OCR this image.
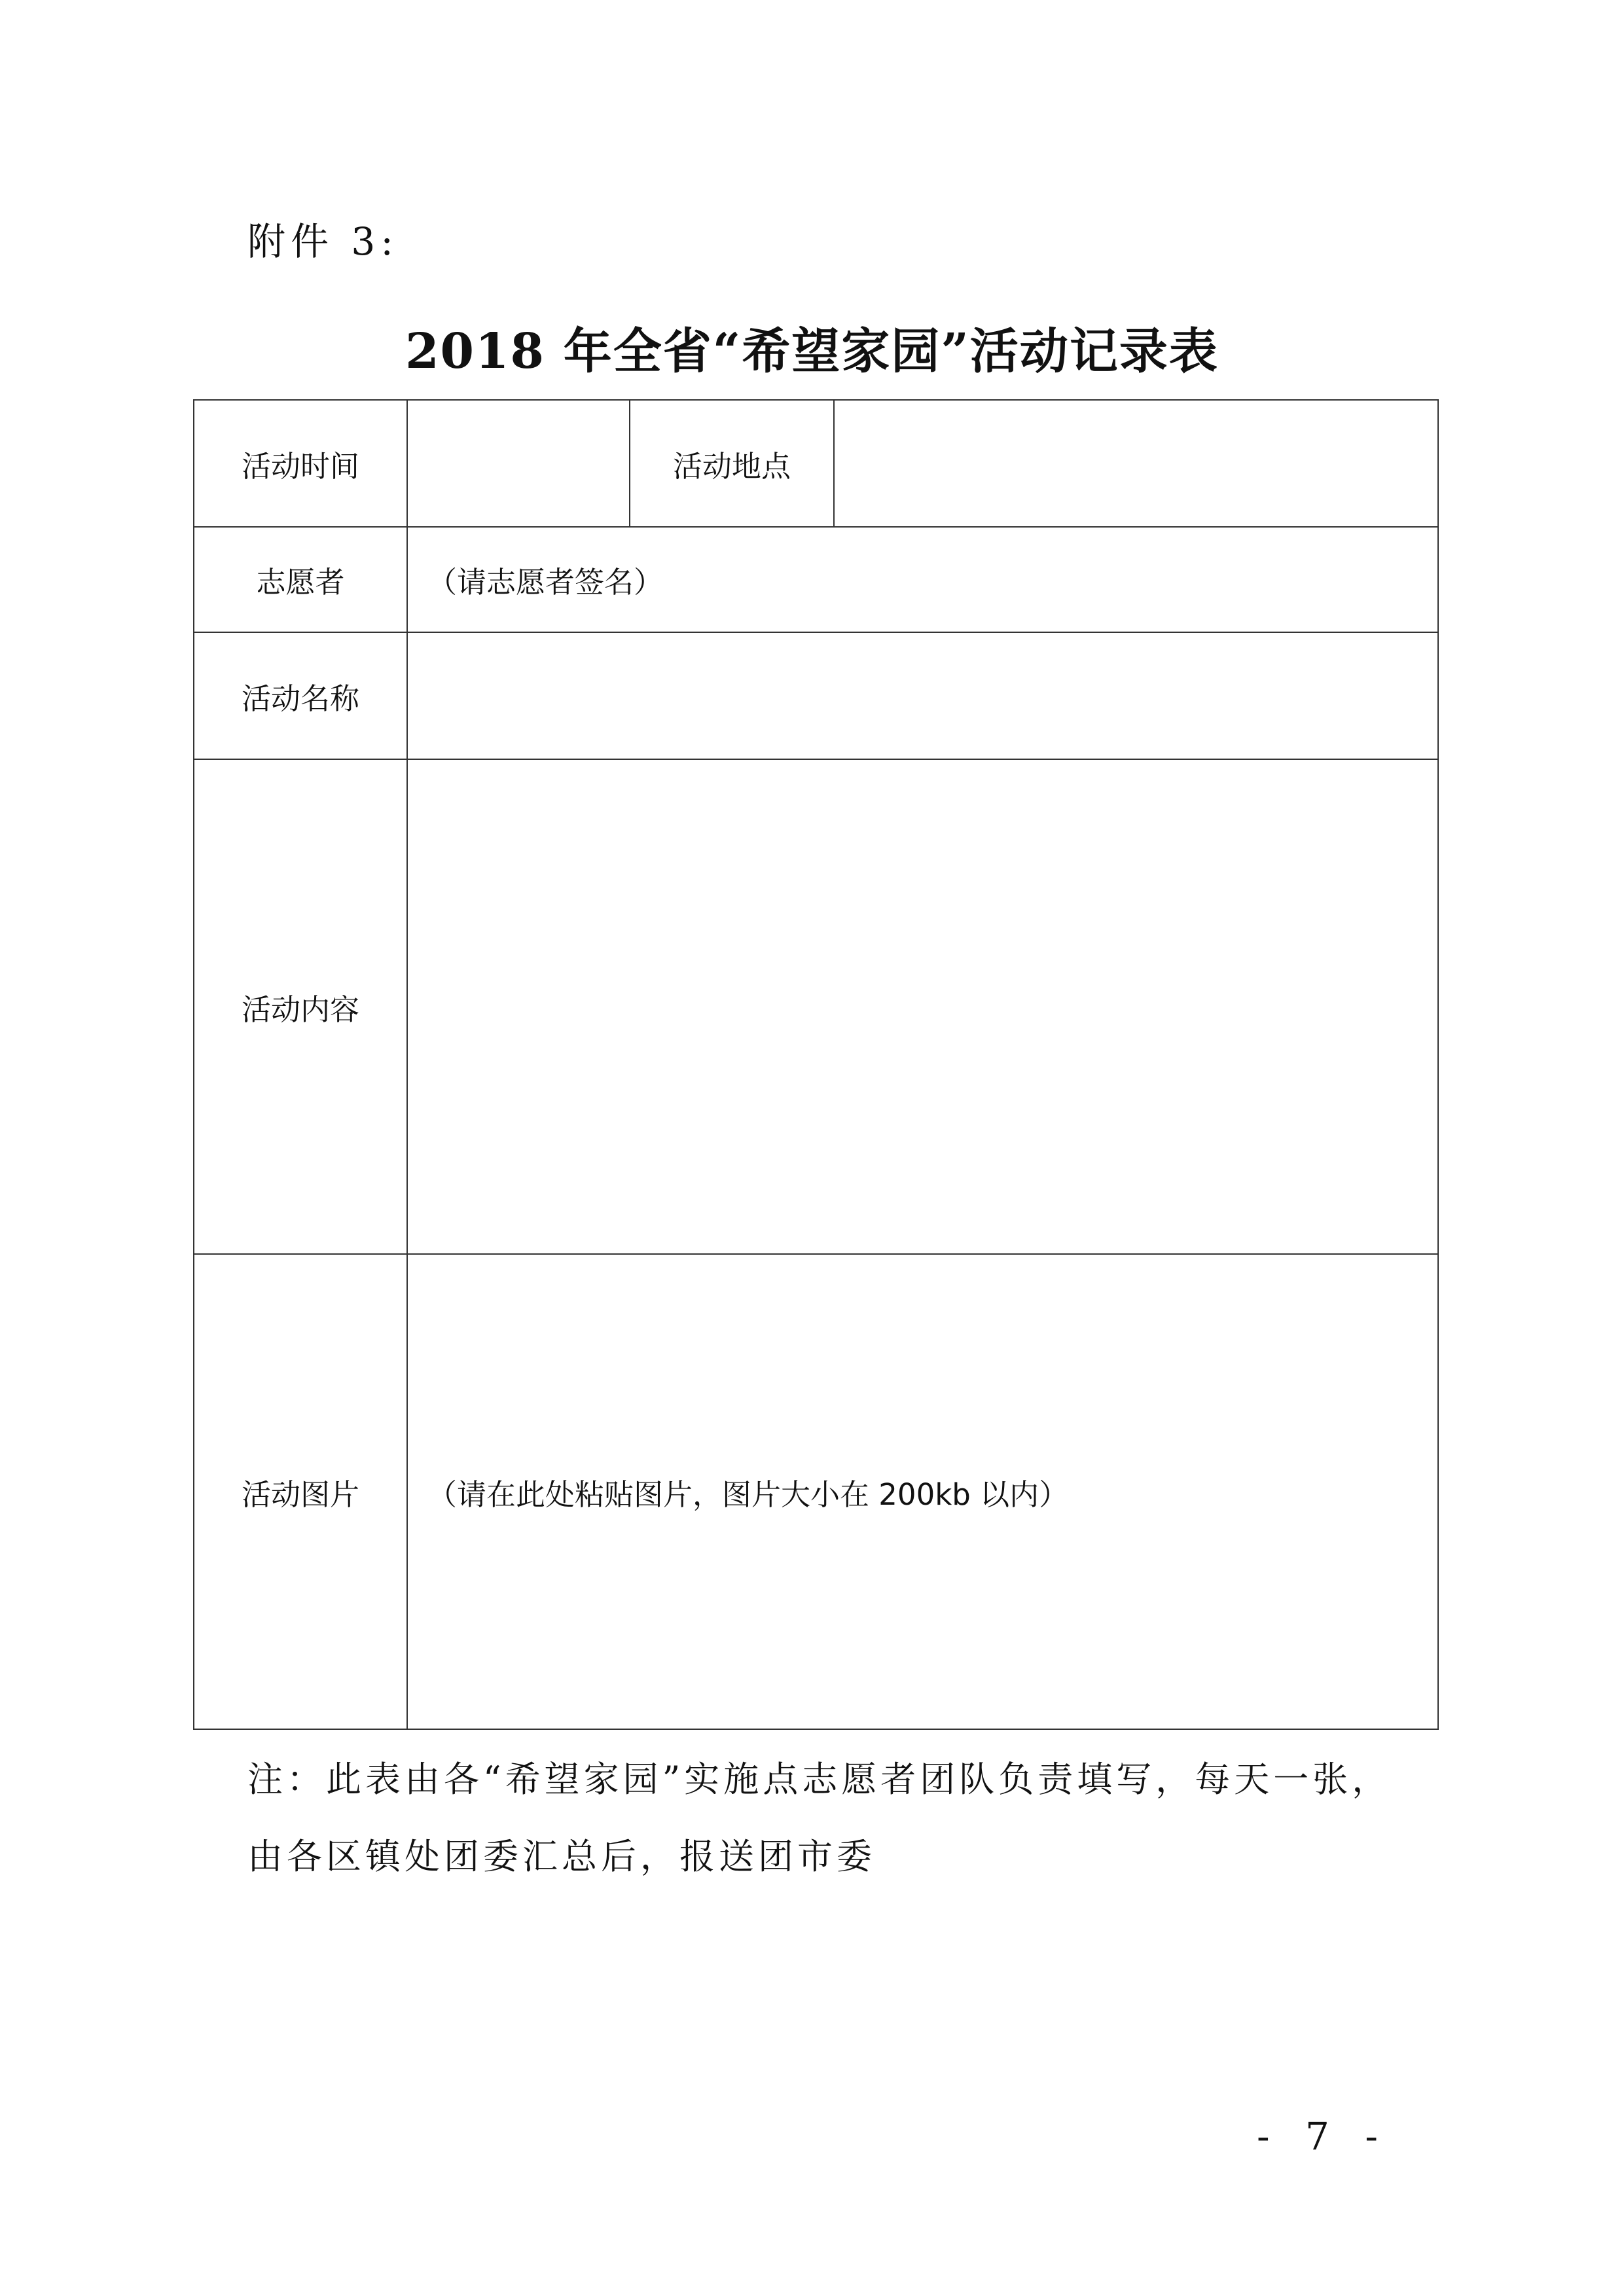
附件 3:
2018 年全省“希望家园”活动记录表
活动时间		活动地点	
志愿者	（请志愿者签名）		
活动名称			
活动内容			
活动图片	（请在此处粘贴图片，图片大小在 200kb 以内）		

注：此表由各“希望家园”实施点志愿者团队负责填写，每天一张，

由各区镇处团委汇总后，报送团市委

- 7 -
